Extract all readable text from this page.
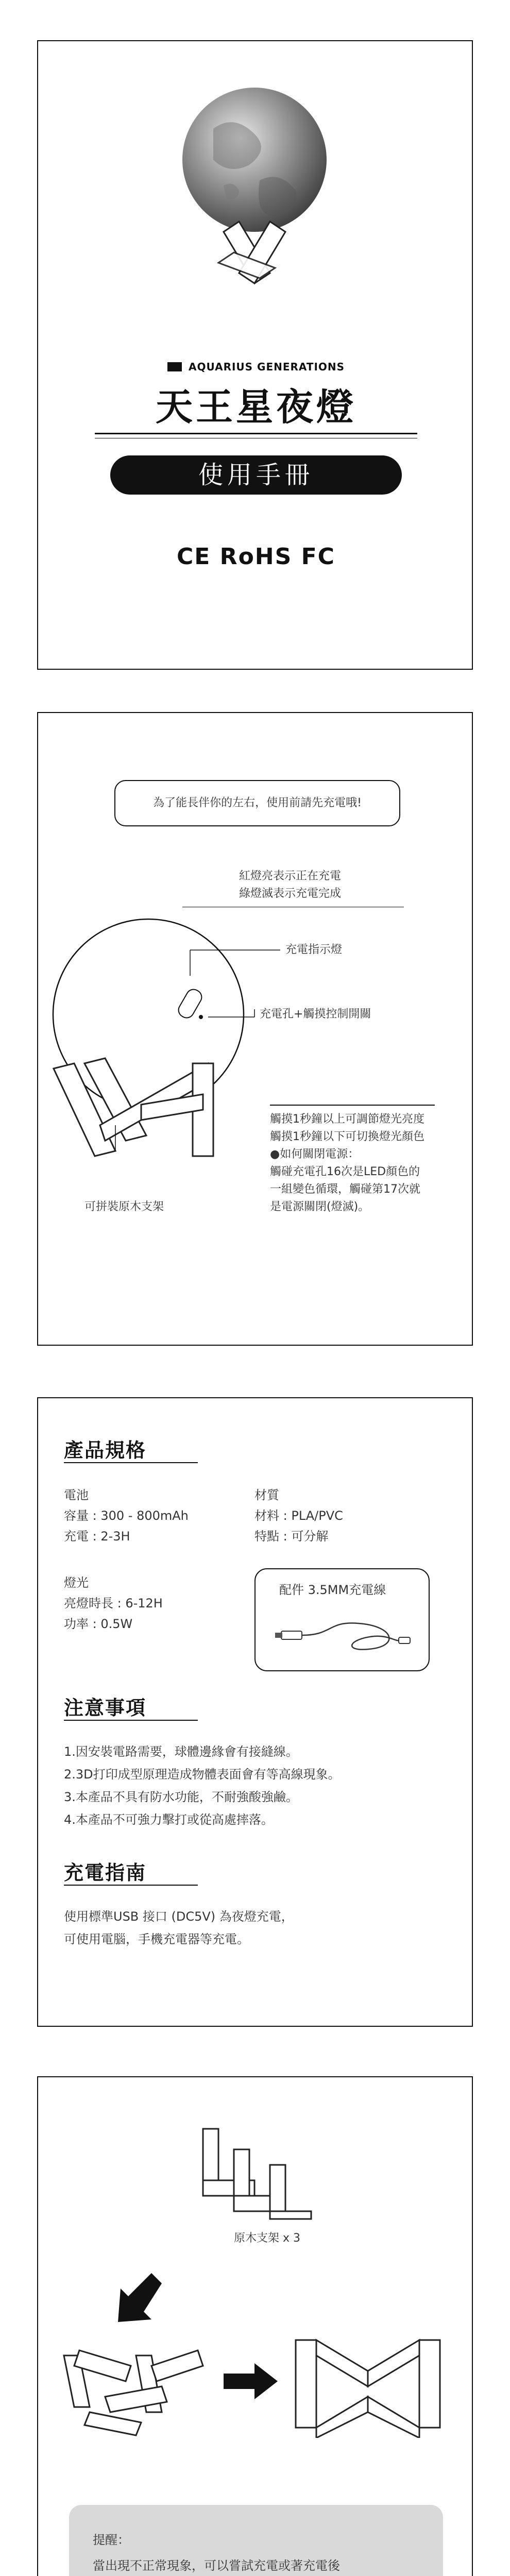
AQUARIUS GENERATIONS
天王星夜燈
使用手冊
CE RoHS FC
為了能長伴你的左右，使用前請先充電哦!
紅燈亮表示正在充電
綠燈滅表示充電完成
充電指示燈
充電孔+觸摸控制開關
觸摸1秒鐘以上可調節燈光亮度
觸摸1秒鐘以下可切換燈光顏色
●如何關閉電源：
觸碰充電孔16次是LED顏色的
一組變色循環，觸碰第17次就
是電源關閉(燈滅)。
可拼裝原木支架
產品規格
電池
容量 : 300 - 800mAh
充電 : 2-3H
材質
材料 : PLA/PVC
特點 : 可分解
燈光
亮燈時長 : 6-12H
功率 : 0.5W
配件 3.5MM充電線
注意事項
1.因安裝電路需要，球體邊緣會有接縫線。
2.3D打印成型原理造成物體表面會有等高線現象。
3.本產品不具有防水功能，不耐強酸強鹼。
4.本產品不可強力擊打或從高處摔落。
充電指南
使用標準USB 接口 (DC5V) 為夜燈充電，
可使用電腦，手機充電器等充電。
原木支架 x 3
提醒：
當出現不正常現象，可以嘗試充電或著充電後
